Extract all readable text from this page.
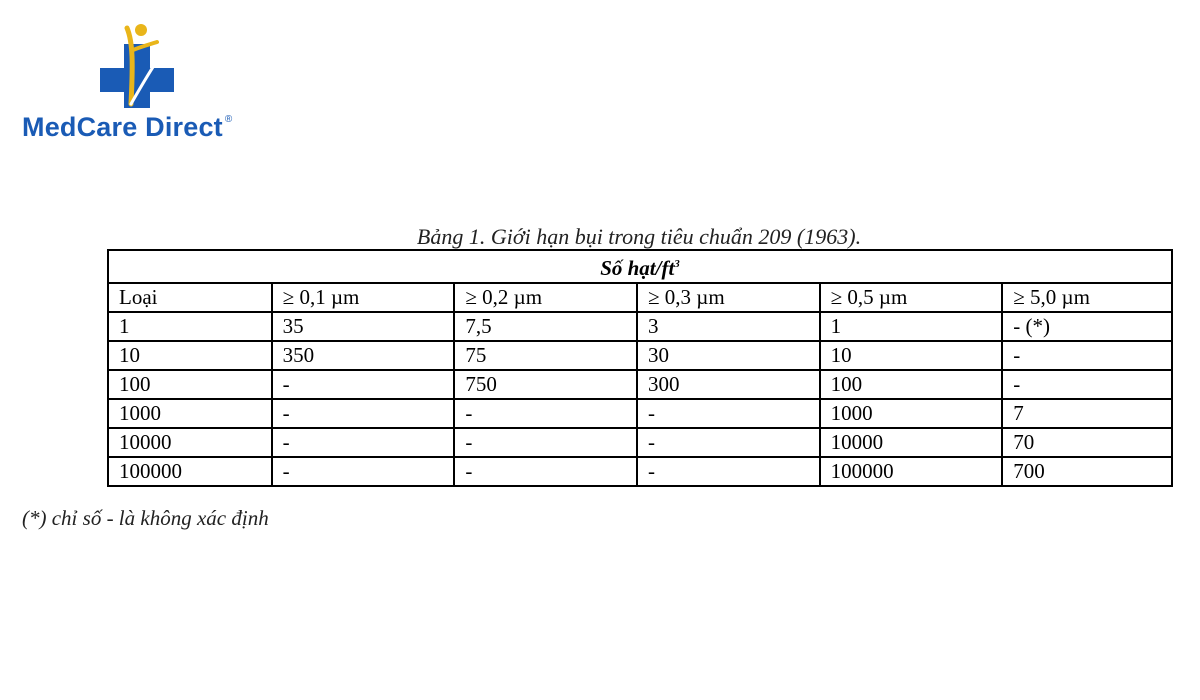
MedCare Direct ®
Bảng 1. Giới hạn bụi trong tiêu chuẩn 209 (1963).
Số hạt/$ft^3$
Loại	≥ 0,1 µm	≥ 0,2 µm	≥ 0,3 µm	≥ 0,5 µm	≥ 5,0 µm
1	35	7,5	3	1	- (*)
10	350	75	30	10	-
100	-	750	300	100	-
1000	-	-	-	1000	7
10000	-	-	-	10000	70
100000	-	-	-	100000	700
(*) chỉ số - là không xác định
